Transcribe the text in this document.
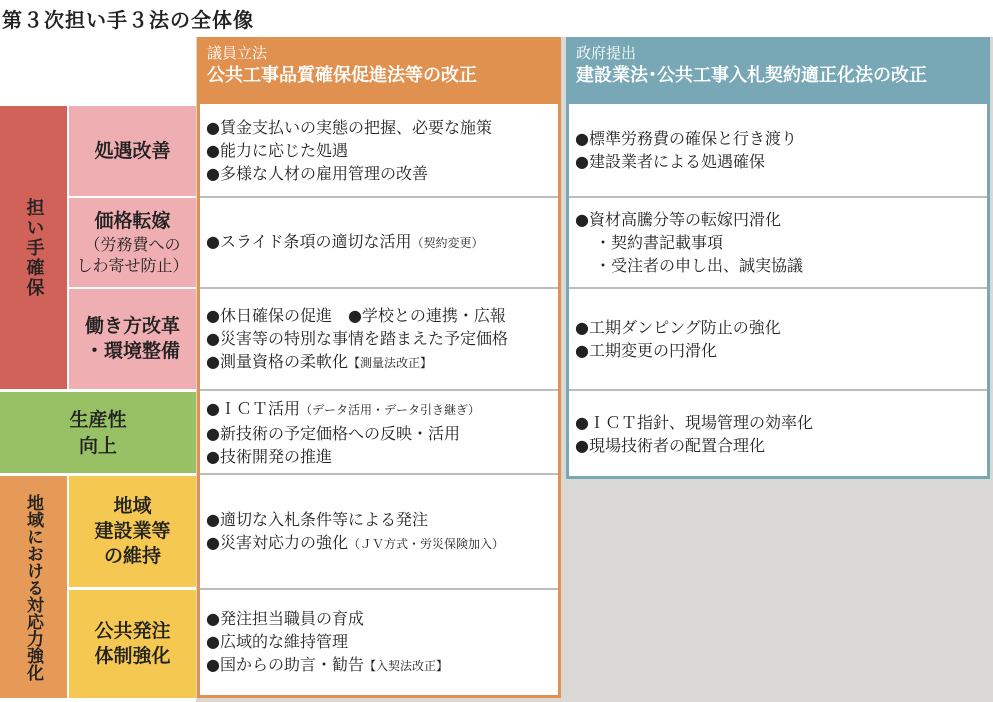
第３次担い手３法の全体像
議員立法
公共工事品質確保促進法等の改正
政府提出
建設業法･公共工事入札契約適正化法の改正
担い手確保
処遇改善
価格転嫁
（労務費への
しわ寄せ防止）
働き方改革
・環境整備
生産性
向上
地域における対応力強化	地域
建設業等
の維持
公共発注
体制強化
●賃金支払いの実態の把握、必要な施策
●能力に応じた処遇
●多様な人材の雇用管理の改善
●スライド条項の適切な活用（契約変更）
●休日確保の促進　●学校との連携・広報
●災害等の特別な事情を踏まえた予定価格
●測量資格の柔軟化【測量法改正】
●ＩＣＴ活用（データ活用・データ引き継ぎ）
●新技術の予定価格への反映・活用
●技術開発の推進
●適切な入札条件等による発注
●災害対応力の強化（ＪＶ方式・労災保険加入）
●発注担当職員の育成
●広域的な維持管理
●国からの助言・勧告【入契法改正】
●標準労務費の確保と行き渡り
●建設業者による処遇確保
●資材高騰分等の転嫁円滑化
・契約書記載事項
・受注者の申し出、誠実協議
●工期ダンピング防止の強化
●工期変更の円滑化
●ＩＣＴ指針、現場管理の効率化
●現場技術者の配置合理化
